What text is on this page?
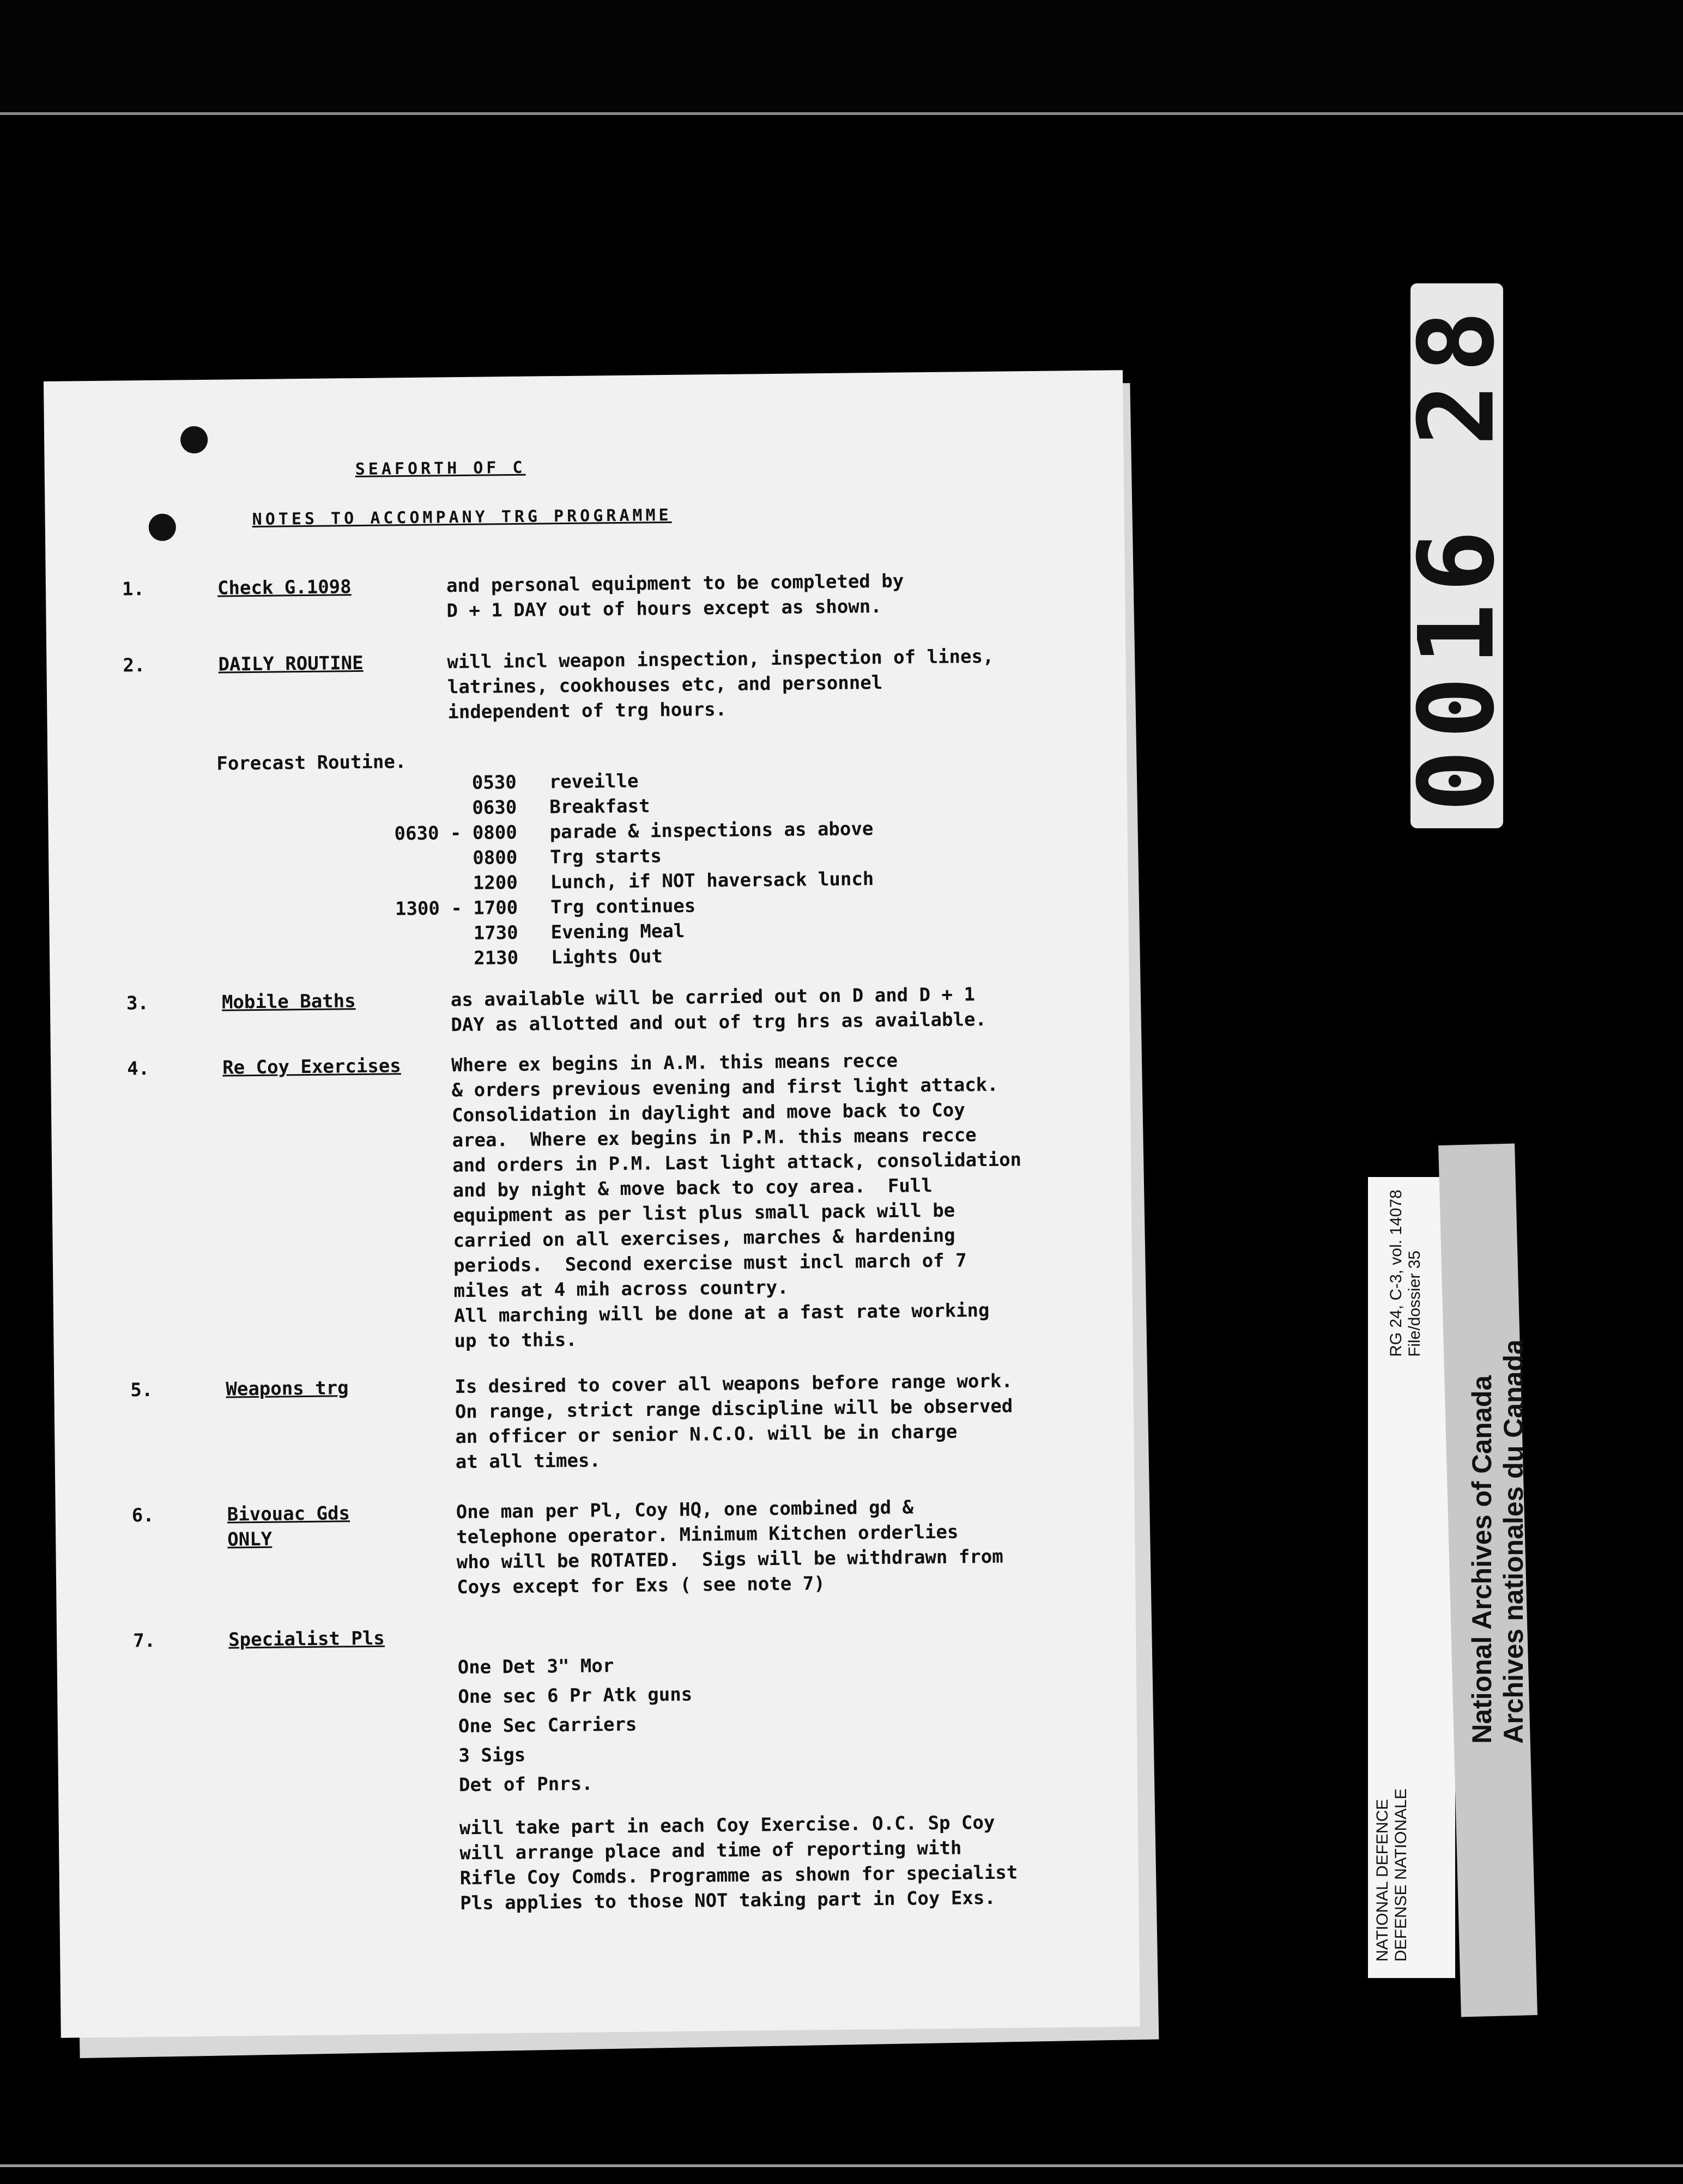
SEAFORTH OF C
NOTES TO ACCOMPANY TRG PROGRAMME
1.	Check G.1098	and personal equipment to be completed by

D + 1 DAY out of hours except as shown.

2.	DAILY ROUTINE	will incl weapon inspection, inspection of lines,

latrines, cookhouses etc, and personnel

independent of trg hours.

Forecast Routine.
0530 reveille
0630 Breakfast
0630 - 0800 parade & inspections as above
0800 Trg starts
1200 Lunch, if NOT haversack lunch
1300 - 1700 Trg continues
1730 Evening Meal
2130 Lights Out
3.	Mobile Baths	as available will be carried out on D and D + 1

DAY as allotted and out of trg hrs as available.

4.	Re Coy Exercises	Where ex begins in A.M. this means recce

& orders previous evening and first light attack.

Consolidation in daylight and move back to Coy

area.  Where ex begins in P.M. this means recce

and orders in P.M. Last light attack, consolidation

and by night & move back to coy area.  Full

equipment as per list plus small pack will be

carried on all exercises, marches & hardening

periods.  Second exercise must incl march of 7

miles at 4 mih across country.

All marching will be done at a fast rate working

up to this.

5.	Weapons trg	Is desired to cover all weapons before range work.

On range, strict range discipline will be observed

an officer or senior N.C.O. will be in charge

at all times.

6.	Bivouac Gds ONLY

One man per Pl, Coy HQ, one combined gd &

telephone operator. Minimum Kitchen orderlies

who will be ROTATED.  Sigs will be withdrawn from

Coys except for Exs ( see note 7)

7.	Specialist Pls

One Det 3" Mor

One sec 6 Pr Atk guns

One Sec Carriers

3 Sigs

Det of Pnrs.

will take part in each Coy Exercise. O.C. Sp Coy

will arrange place and time of reporting with

Rifle Coy Comds. Programme as shown for specialist

Pls applies to those NOT taking part in Coy Exs.

0016 28
RG 24, C-3, vol. 14078 File/dossier 35
NATIONAL DEFENCE DEFENSE NATIONALE
National Archives of Canada Archives nationales du Canada
